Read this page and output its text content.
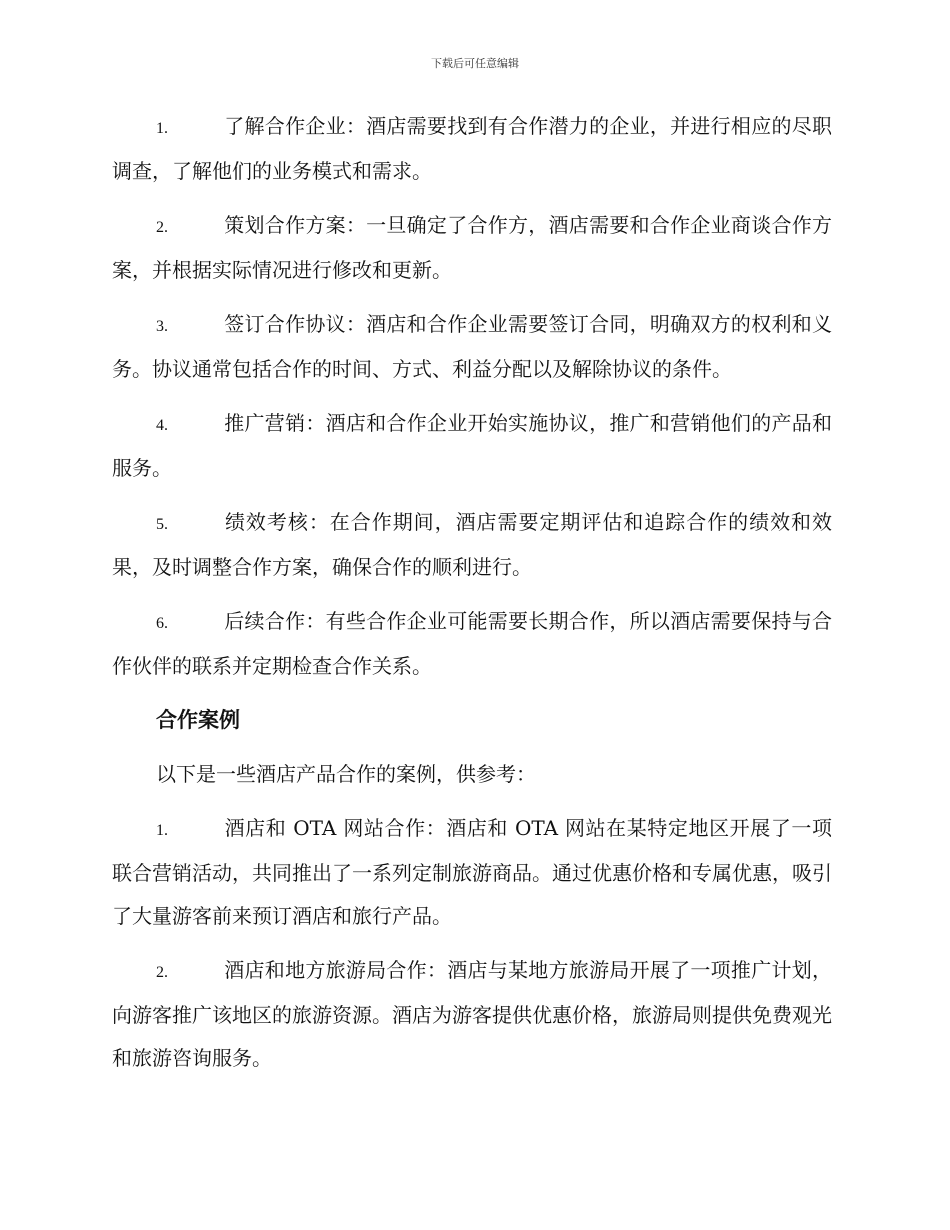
下载后可任意编辑

1.	了解合作企业：酒店需要找到有合作潜力的企业，并进行相应的尽职调查，了解他们的业务模式和需求。

2.	策划合作方案：一旦确定了合作方，酒店需要和合作企业商谈合作方案，并根据实际情况进行修改和更新。

3.	签订合作协议：酒店和合作企业需要签订合同，明确双方的权利和义务。协议通常包括合作的时间、方式、利益分配以及解除协议的条件。

4.	推广营销：酒店和合作企业开始实施协议，推广和营销他们的产品和服务。

5.	绩效考核：在合作期间，酒店需要定期评估和追踪合作的绩效和效果，及时调整合作方案，确保合作的顺利进行。

6.	后续合作：有些合作企业可能需要长期合作，所以酒店需要保持与合作伙伴的联系并定期检查合作关系。

合作案例

以下是一些酒店产品合作的案例，供参考：

1.	酒店和 OTA 网站合作：酒店和 OTA 网站在某特定地区开展了一项联合营销活动，共同推出了一系列定制旅游商品。通过优惠价格和专属优惠，吸引了大量游客前来预订酒店和旅行产品。

2.	酒店和地方旅游局合作：酒店与某地方旅游局开展了一项推广计划，向游客推广该地区的旅游资源。酒店为游客提供优惠价格，旅游局则提供免费观光和旅游咨询服务。
